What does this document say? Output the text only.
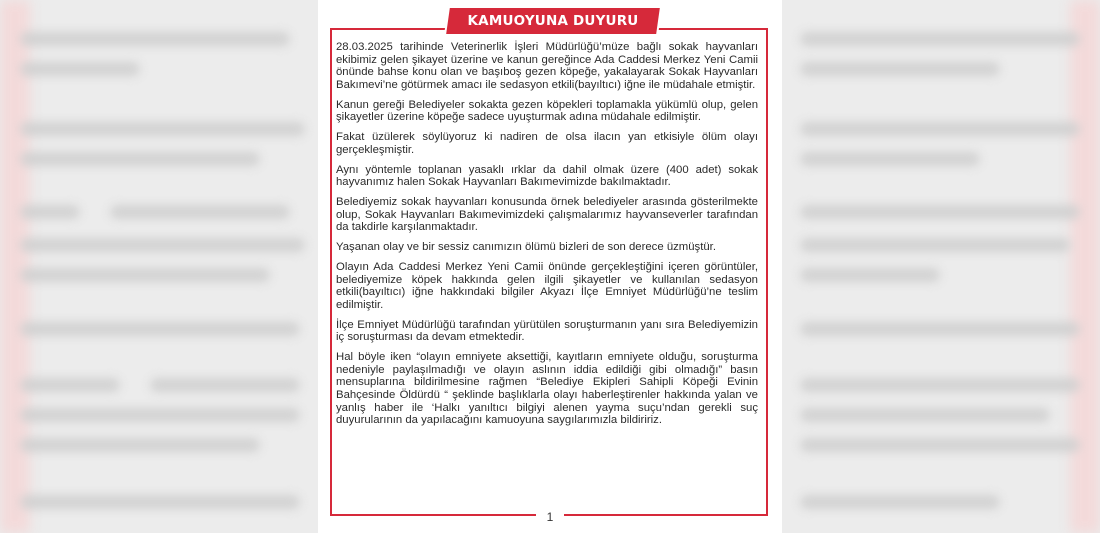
KAMUOYUNA DUYURU

28.03.2025 tarihinde Veterinerlik İşleri Müdürlüğü’müze bağlı sokak hayvanları ekibimiz gelen şikayet üzerine ve kanun gereğince Ada Caddesi Merkez Yeni Camii önünde bahse konu olan ve başıboş gezen köpeğe, yakalayarak Sokak Hayvanları Bakımevi’ne götürmek amacı ile sedasyon etkili(bayıltıcı) iğne ile müdahale etmiştir.

Kanun gereği Belediyeler sokakta gezen köpekleri toplamakla yükümlü olup, gelen şikayetler üzerine köpeğe sadece uyuşturmak adına müdahale edilmiştir.

Fakat üzülerek söylüyoruz ki nadiren de olsa ilacın yan etkisiyle ölüm olayı gerçekleşmiştir.

Aynı yöntemle toplanan yasaklı ırklar da dahil olmak üzere (400 adet) sokak hayvanımız halen Sokak Hayvanları Bakımevimizde bakılmaktadır.

Belediyemiz sokak hayvanları konusunda örnek belediyeler arasında gösterilmekte olup, Sokak Hayvanları Bakımevimizdeki çalışmalarımız hayvanseverler tarafından da takdirle karşılanmaktadır.

Yaşanan olay ve bir sessiz canımızın ölümü bizleri de son derece üzmüştür.

Olayın Ada Caddesi Merkez Yeni Camii önünde gerçekleştiğini içeren görüntüler, belediyemize köpek hakkında gelen ilgili şikayetler ve kullanılan sedasyon etkili(bayıltıcı) iğne hakkındaki bilgiler Akyazı İlçe Emniyet Müdürlüğü’ne teslim edilmiştir.

İlçe Emniyet Müdürlüğü tarafından yürütülen soruşturmanın yanı sıra Belediyemizin iç soruşturması da devam etmektedir.

Hal böyle iken “olayın emniyete aksettiği, kayıtların emniyete olduğu, soruşturma nedeniyle paylaşılmadığı ve olayın aslının iddia edildiği gibi olmadığı” basın mensuplarına bildirilmesine rağmen “Belediye Ekipleri Sahipli Köpeği Evinin Bahçesinde Öldürdü “ şeklinde başlıklarla olayı haberleştirenler hakkında yalan ve yanlış haber ile ‘Halkı yanıltıcı bilgiyi alenen yayma suçu’ndan gerekli suç duyurularının da yapılacağını kamuoyuna saygılarımızla bildiririz.

1
